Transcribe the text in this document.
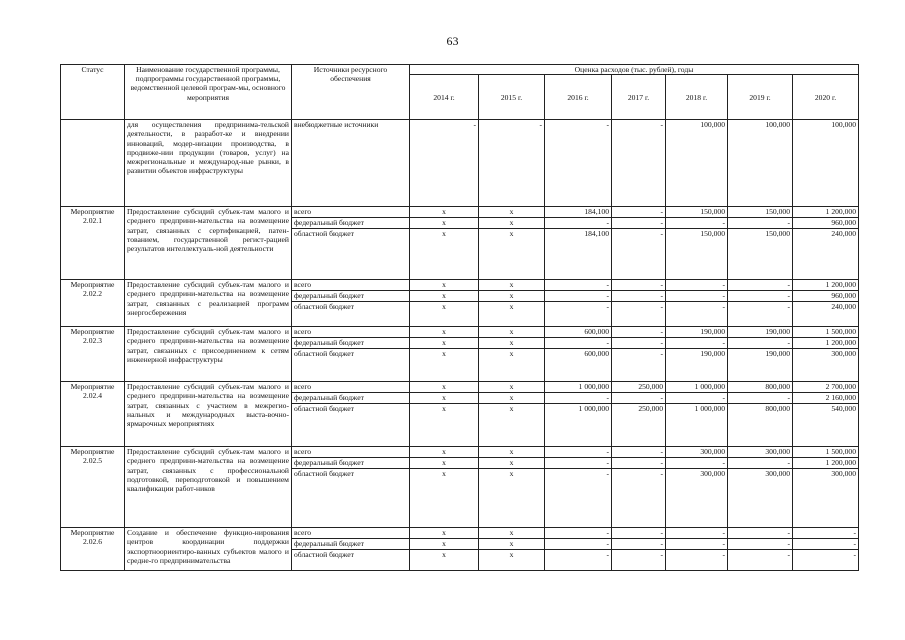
63
Статус	Наименование государственной программы, подпрограммы государственной программы, ведомственной целевой програм-мы, основного мероприятия	Источники ресурсного обеспечения	Оценка расходов (тыс. рублей), годы						
			2014 г.	2015 г.	2016 г.	2017 г.	2018 г.	2019 г.	2020 г.
	для осуществления предпринима-тельской деятельности, в разработ-ке и внедрении инноваций, модер-низации производства, в продвиже-нии продукции (товаров, услуг) на межрегиональные и международ-ные рынки, в развитии объектов инфраструктуры	внебюджетные источники	-	-	-	-	100,000	100,000	100,000
Мероприятие 2.02.1	Предоставление субсидий субъек-там малого и среднего предприни-мательства на возмещение затрат, связанных с сертификацией, патен-тованием, государственной регист-рацией результатов интеллектуаль-ной деятельности	всего	x	x	184,100	-	150,000	150,000	1 200,000
		федеральный бюджет	x	x	-	-	-	-	960,000
		областной бюджет	x	x	184,100	-	150,000	150,000	240,000
Мероприятие 2.02.2	Предоставление субсидий субъек-там малого и среднего предприни-мательства на возмещение затрат, связанных с реализацией программ энергосбережения	всего	x	x	-	-	-	-	1 200,000
		федеральный бюджет	x	x	-	-	-	-	960,000
		областной бюджет	x	x	-	-	-	-	240,000
Мероприятие 2.02.3	Предоставление субсидий субъек-там малого и среднего предприни-мательства на возмещение затрат, связанных с присоединением к сетям инженерной инфраструктуры	всего	x	x	600,000	-	190,000	190,000	1 500,000
		федеральный бюджет	x	x	-	-	-	-	1 200,000
		областной бюджет	x	x	600,000	-	190,000	190,000	300,000
Мероприятие 2.02.4	Предоставление субсидий субъек-там малого и среднего предприни-мательства на возмещение затрат, связанных с участием в межрегио-нальных и международных выста-вочно-ярмарочных мероприятиях	всего	x	x	1 000,000	250,000	1 000,000	800,000	2 700,000
		федеральный бюджет	x	x	-	-	-	-	2 160,000
		областной бюджет	x	x	1 000,000	250,000	1 000,000	800,000	540,000
Мероприятие 2.02.5	Предоставление субсидий субъек-там малого и среднего предприни-мательства на возмещение затрат, связанных с профессиональной подготовкой, переподготовкой и повышением квалификации работ-ников	всего	x	x	-	-	300,000	300,000	1 500,000
		федеральный бюджет	x	x	-	-	-	-	1 200,000
		областной бюджет	x	x	-	-	300,000	300,000	300,000
Мероприятие 2.02.6	Создание и обеспечение функцио-нирования центров координации поддержки экспортноориентиро-ванных субъектов малого и средне-го предпринимательства	всего	x	x	-	-	-	-	-
		федеральный бюджет	x	x	-	-	-	-	-
		областной бюджет	x	x	-	-	-	-	-
